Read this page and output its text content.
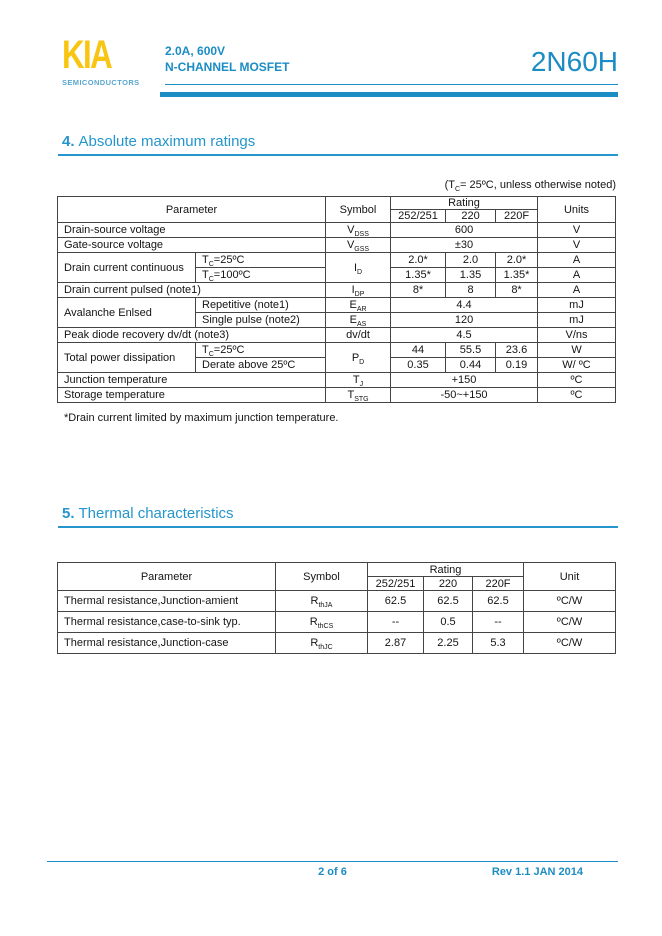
KIA
SEMICONDUCTORS
2.0A, 600V
N-CHANNEL MOSFET	2N60H
4. Absolute maximum ratings
($T_C=$ 25ºC, unless otherwise noted)
Parameter		Symbol	Rating			Units
			252/251	220	220F	
Drain-source voltage		$V_{DSS}$	600			V
Gate-source voltage		$V_{GSS}$	±30			V
Drain current continuous	$T_C=25ºC$	$I_D$	2.0*	2.0	2.0*	A
	$T_C=100ºC$		1.35*	1.35	1.35*	A
Drain current pulsed (note1)		$I_{DP}$	8*	8	8*	A
Avalanche Enlsed	Repetitive (note1)	$E_{AR}$	4.4			mJ
	Single pulse (note2)	$E_{AS}$	120			mJ
Peak diode recovery dv/dt (note3)		dv/dt	4.5			V/ns
Total power dissipation	$T_C=25ºC$	$P_D$	44	55.5	23.6	W
	Derate above 25ºC		0.35	0.44	0.19	W/ ºC
Junction temperature		$T_J$	+150			ºC
Storage temperature		$T_{STG}$	-50~+150			ºC
*Drain current limited by maximum junction temperature.
5. Thermal characteristics
Parameter	Symbol	Rating			Unit
		252/251	220	220F	
Thermal resistance,Junction-amient	$R_{thJA}$	62.5	62.5	62.5	ºC/W
Thermal resistance,case-to-sink typ.	$R_{thCS}$	--	0.5	--	ºC/W
Thermal resistance,Junction-case	$R_{thJC}$	2.87	2.25	5.3	ºC/W
2 of 6	Rev 1.1 JAN 2014
